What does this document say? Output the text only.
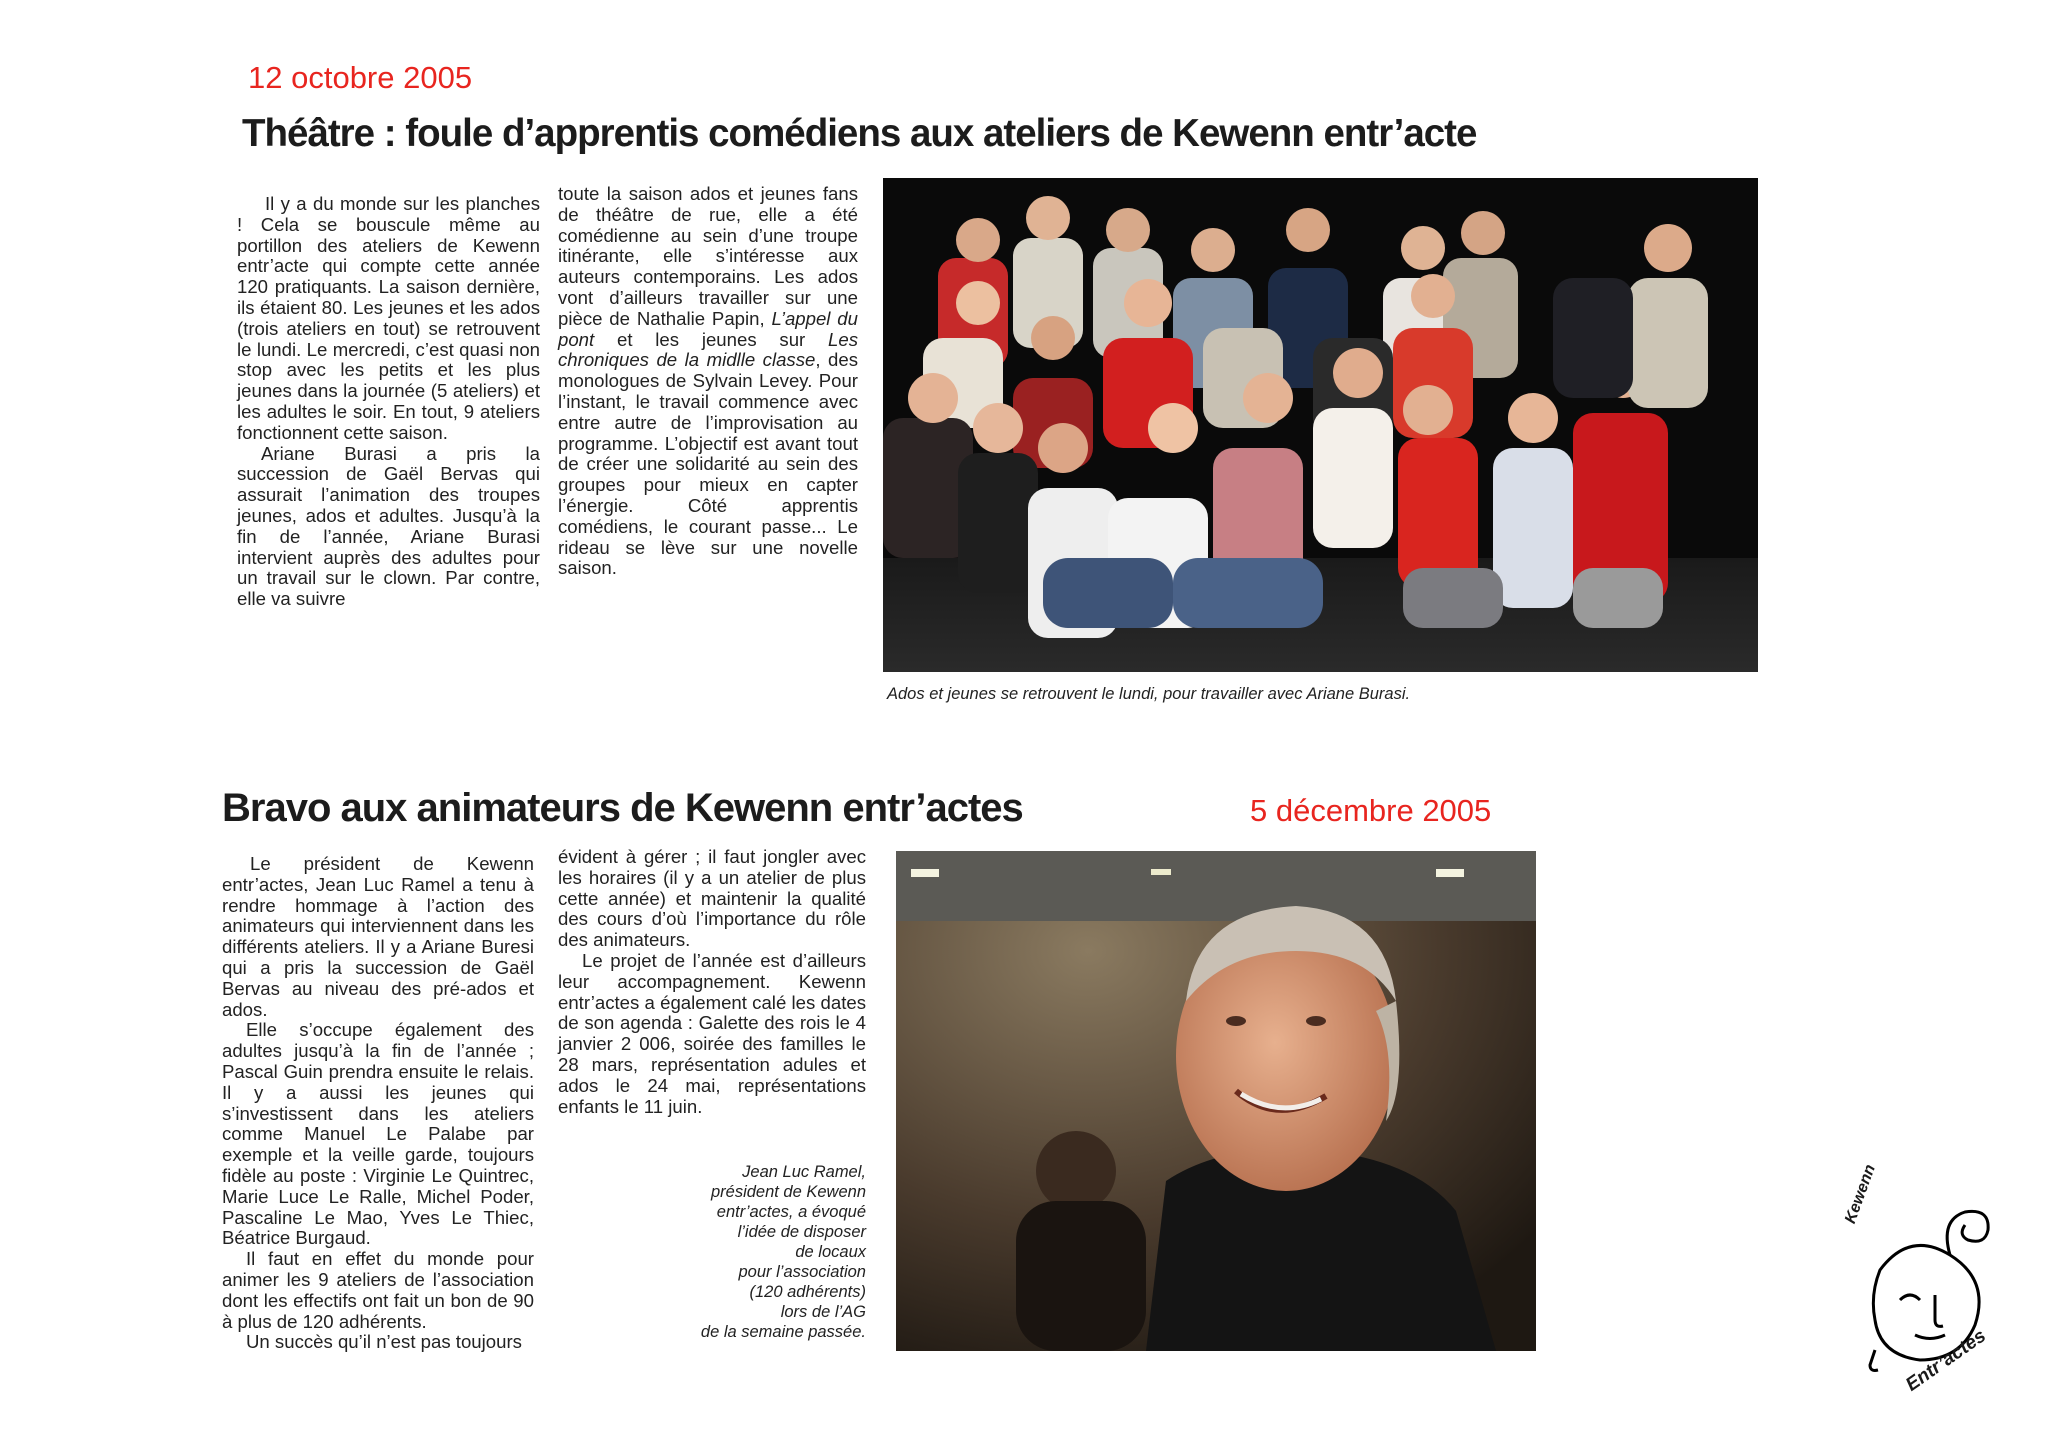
12 octobre 2005
Théâtre : foule d’apprentis comédiens aux ateliers de Kewenn entr’acte

Il y a du monde sur les planches ! Cela se bouscule même au portillon des ateliers de Kewenn entr’acte qui compte cette année 120 pratiquants. La saison dernière, ils étaient 80. Les jeunes et les ados (trois ateliers en tout) se retrouvent le lundi. Le mercredi, c’est quasi non stop avec les petits et les plus jeunes dans la journée (5 ateliers) et les adultes le soir. En tout, 9 ateliers fonctionnent cette saison.

Ariane Burasi a pris la succession de Gaël Bervas qui assurait l’animation des troupes jeunes, ados et adultes. Jusqu’à la fin de l’année, Ariane Burasi intervient auprès des adultes pour un travail sur le clown. Par contre, elle va suivre

toute la saison ados et jeunes fans de théâtre de rue, elle a été comédienne au sein d’une troupe itinérante, elle s’intéresse aux auteurs contemporains. Les ados vont d’ailleurs travailler sur une pièce de Nathalie Papin, L’appel du pont et les jeunes sur Les chroniques de la midlle classe, des monologues de Sylvain Levey. Pour l’instant, le travail commence avec entre autre de l’improvisation au programme. L’objectif est avant tout de créer une solidarité au sein des groupes pour mieux en capter l’énergie. Côté apprentis comédiens, le courant passe... Le rideau se lève sur une novelle saison.

Ados et jeunes se retrouvent le lundi, pour travailler avec Ariane Burasi.
Bravo aux animateurs de Kewenn entr’actes	5 décembre 2005

Le président de Kewenn entr’actes, Jean Luc Ramel a tenu à rendre hommage à l’action des animateurs qui interviennent dans les différents ateliers. Il y a Ariane Buresi qui a pris la succession de Gaël Bervas au niveau des pré-ados et ados.

Elle s’occupe également des adultes jusqu’à la fin de l’année ; Pascal Guin prendra ensuite le relais. Il y a aussi les jeunes qui s’investissent dans les ateliers comme Manuel Le Palabe par exemple et la veille garde, toujours fidèle au poste : Virginie Le Quintrec, Marie Luce Le Ralle, Michel Poder, Pascaline Le Mao, Yves Le Thiec, Béatrice Burgaud.

Il faut en effet du monde pour animer les 9 ateliers de l’association dont les effectifs ont fait un bon de 90 à plus de 120 adhérents.

Un succès qu’il n’est pas toujours

évident à gérer ; il faut jongler avec les horaires (il y a un atelier de plus cette année) et maintenir la qualité des cours d’où l’importance du rôle des animateurs.

Le projet de l’année est d’ailleurs leur accompagnement. Kewenn entr’actes a également calé les dates de son agenda : Galette des rois le 4 janvier 2 006, soirée des familles le 28 mars, représentation adules et ados le 24 mai, représentations enfants le 11 juin.

Jean Luc Ramel,
président de Kewenn
entr’actes, a évoqué
l’idée de disposer
de locaux
pour l’association
(120 adhérents)
lors de l’AG
de la semaine passée.
Kewenn
Entr’actes
